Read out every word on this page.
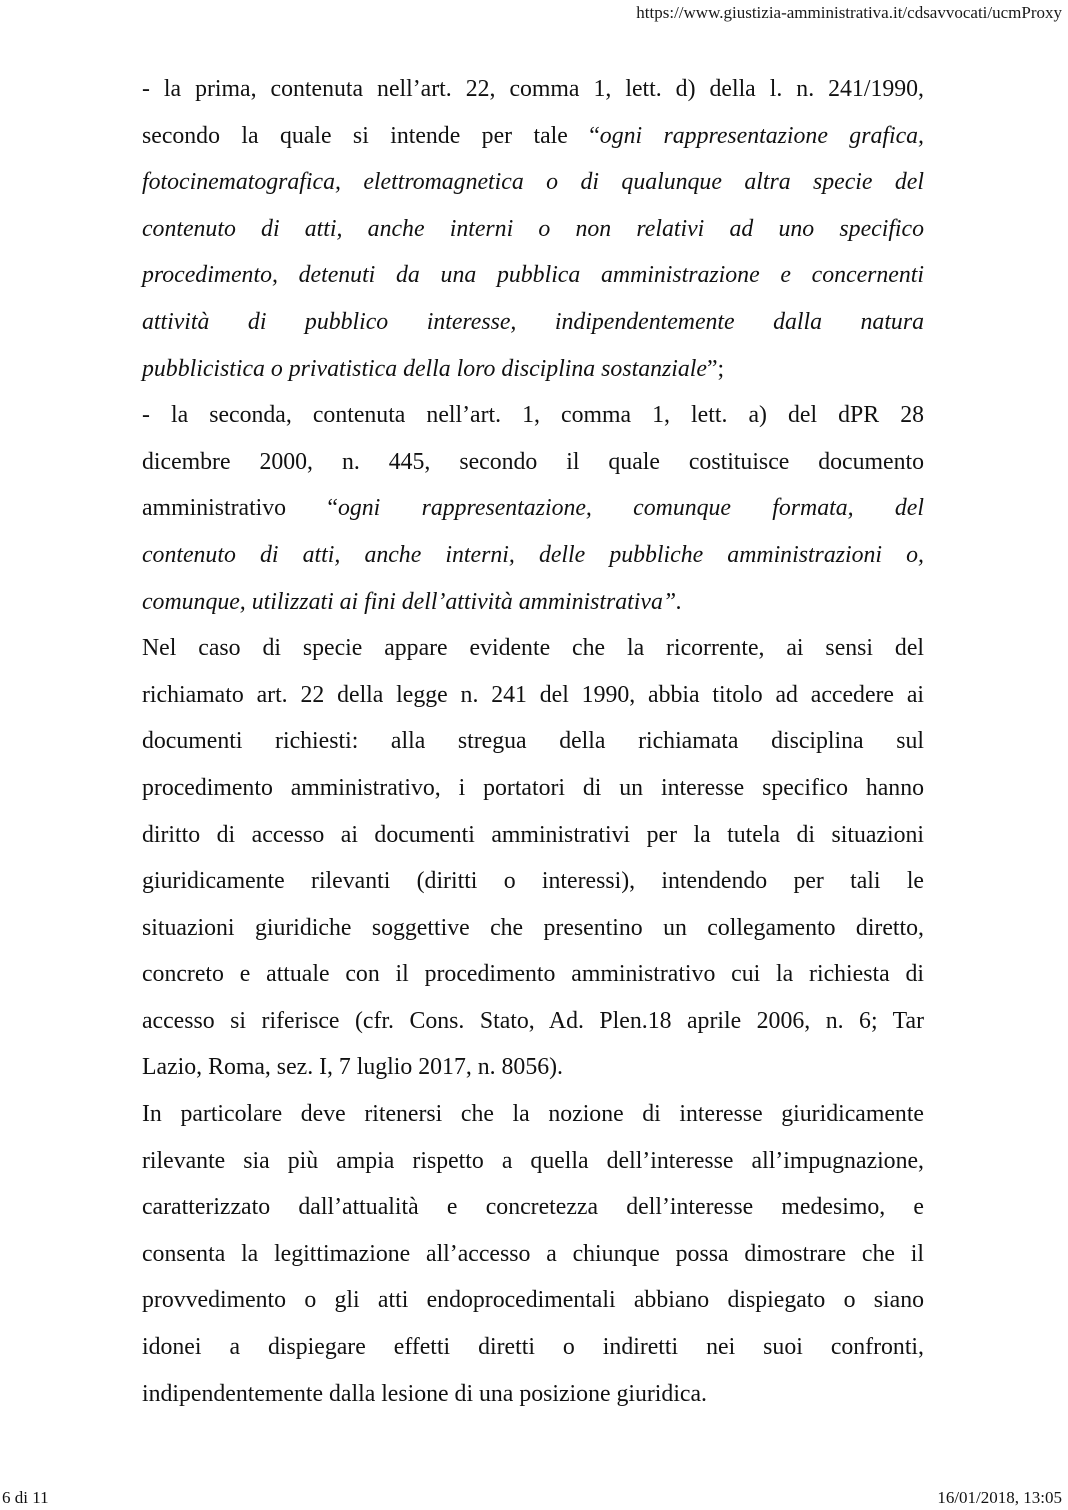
https://www.giustizia-amministrativa.it/cdsavvocati/ucmProxy
- la prima, contenuta nell’art. 22, comma 1, lett. d) della l. n. 241/1990,
secondo la quale si intende per tale “ogni rappresentazione grafica,
fotocinematografica, elettromagnetica o di qualunque altra specie del
contenuto di atti, anche interni o non relativi ad uno specifico
procedimento, detenuti da una pubblica amministrazione e concernenti
attività di pubblico interesse, indipendentemente dalla natura
pubblicistica o privatistica della loro disciplina sostanziale”;
- la seconda, contenuta nell’art. 1, comma 1, lett. a) del dPR 28
dicembre 2000, n. 445, secondo il quale costituisce documento
amministrativo “ogni rappresentazione, comunque formata, del
contenuto di atti, anche interni, delle pubbliche amministrazioni o,
comunque, utilizzati ai fini dell’attività amministrativa”.
Nel caso di specie appare evidente che la ricorrente, ai sensi del
richiamato art. 22 della legge n. 241 del 1990, abbia titolo ad accedere ai
documenti richiesti: alla stregua della richiamata disciplina sul
procedimento amministrativo, i portatori di un interesse specifico hanno
diritto di accesso ai documenti amministrativi per la tutela di situazioni
giuridicamente rilevanti (diritti o interessi), intendendo per tali le
situazioni giuridiche soggettive che presentino un collegamento diretto,
concreto e attuale con il procedimento amministrativo cui la richiesta di
accesso si riferisce (cfr. Cons. Stato, Ad. Plen.18 aprile 2006, n. 6; Tar
Lazio, Roma, sez. I, 7 luglio 2017, n. 8056).
In particolare deve ritenersi che la nozione di interesse giuridicamente
rilevante sia più ampia rispetto a quella dell’interesse all’impugnazione,
caratterizzato dall’attualità e concretezza dell’interesse medesimo, e
consenta la legittimazione all’accesso a chiunque possa dimostrare che il
provvedimento o gli atti endoprocedimentali abbiano dispiegato o siano
idonei a dispiegare effetti diretti o indiretti nei suoi confronti,
indipendentemente dalla lesione di una posizione giuridica.
6 di 11	16/01/2018, 13:05
